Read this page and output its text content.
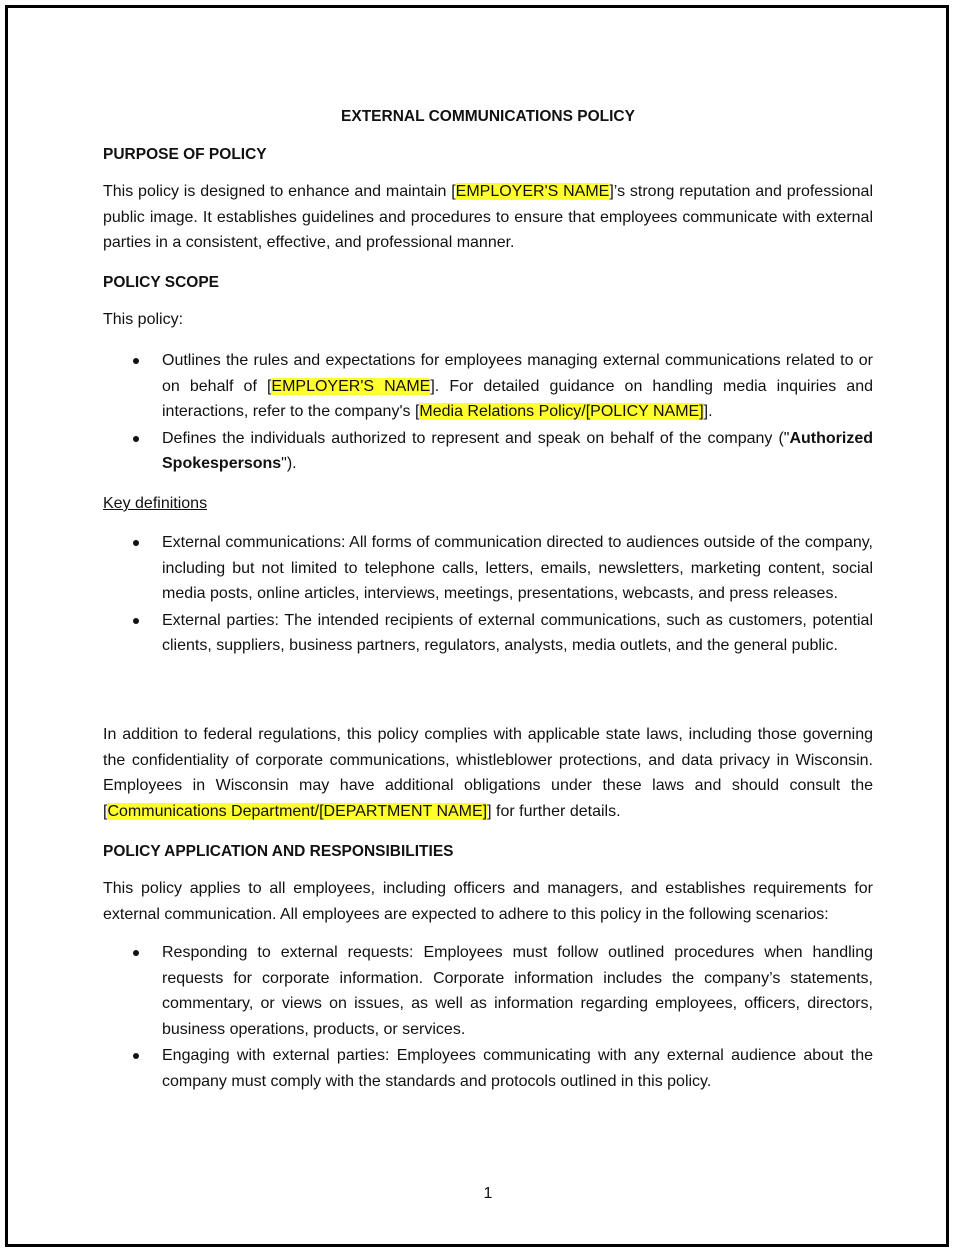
EXTERNAL COMMUNICATIONS POLICY
PURPOSE OF POLICY

This policy is designed to enhance and maintain [EMPLOYER'S NAME]’s strong reputation and professional public image. It establishes guidelines and procedures to ensure that employees communicate with external parties in a consistent, effective, and professional manner.

POLICY SCOPE
This policy:
Outlines the rules and expectations for employees managing external communications related to or on behalf of [EMPLOYER'S NAME]. For detailed guidance on handling media inquiries and interactions, refer to the company's [Media Relations Policy/[POLICY NAME]].
Defines the individuals authorized to represent and speak on behalf of the company ("Authorized Spokespersons").
Key definitions
External communications: All forms of communication directed to audiences outside of the company, including but not limited to telephone calls, letters, emails, newsletters, marketing content, social media posts, online articles, interviews, meetings, presentations, webcasts, and press releases.
External parties: The intended recipients of external communications, such as customers, potential clients, suppliers, business partners, regulators, analysts, media outlets, and the general public.

In addition to federal regulations, this policy complies with applicable state laws, including those governing the confidentiality of corporate communications, whistleblower protections, and data privacy in Wisconsin. Employees in Wisconsin may have additional obligations under these laws and should consult the [Communications Department/[DEPARTMENT NAME]] for further details.

POLICY APPLICATION AND RESPONSIBILITIES

This policy applies to all employees, including officers and managers, and establishes requirements for external communication. All employees are expected to adhere to this policy in the following scenarios:

Responding to external requests: Employees must follow outlined procedures when handling requests for corporate information. Corporate information includes the company’s statements, commentary, or views on issues, as well as information regarding employees, officers, directors, business operations, products, or services.
Engaging with external parties: Employees communicating with any external audience about the company must comply with the standards and protocols outlined in this policy.
1
